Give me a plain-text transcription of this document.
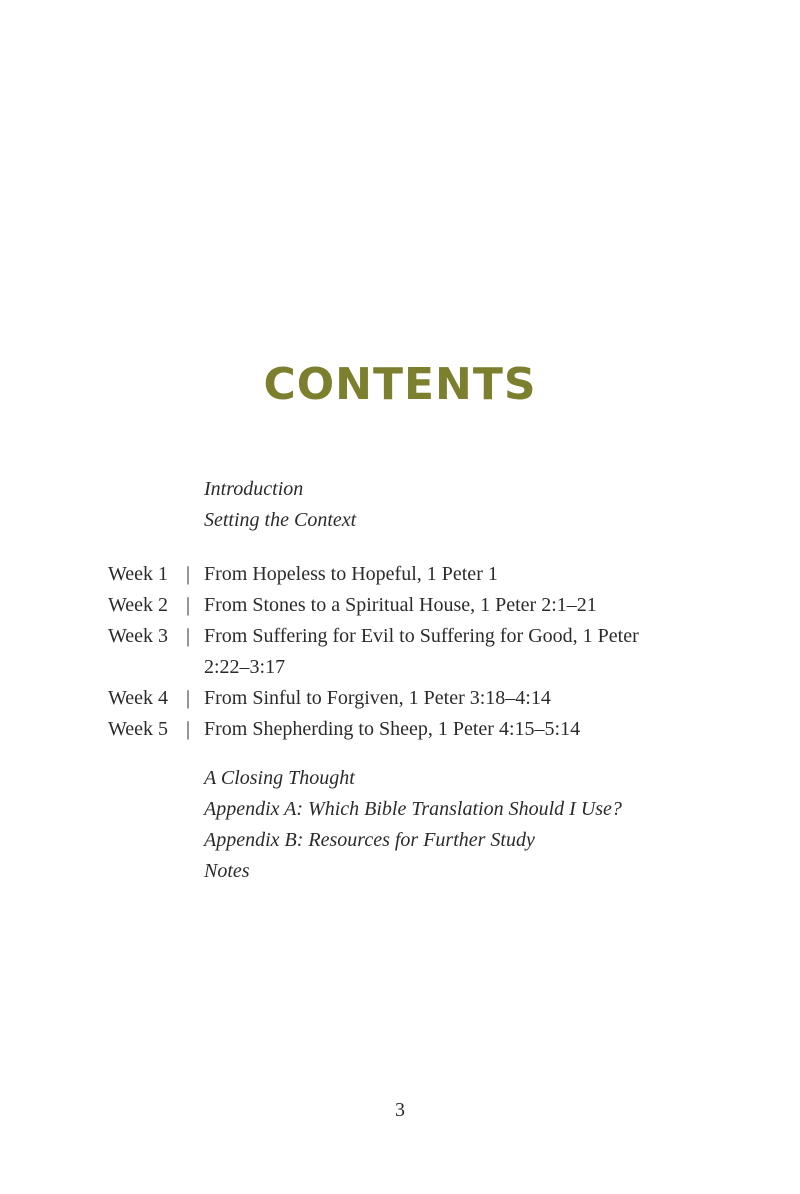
CONTENTS
Introduction
Setting the Context
Week 1 | From Hopeless to Hopeful, 1 Peter 1
Week 2 | From Stones to a Spiritual House, 1 Peter 2:1–21
Week 3 | From Suffering for Evil to Suffering for Good, 1 Peter 2:22–3:17
Week 4 | From Sinful to Forgiven, 1 Peter 3:18–4:14
Week 5 | From Shepherding to Sheep, 1 Peter 4:15–5:14
A Closing Thought
Appendix A: Which Bible Translation Should I Use?
Appendix B: Resources for Further Study
Notes
3
